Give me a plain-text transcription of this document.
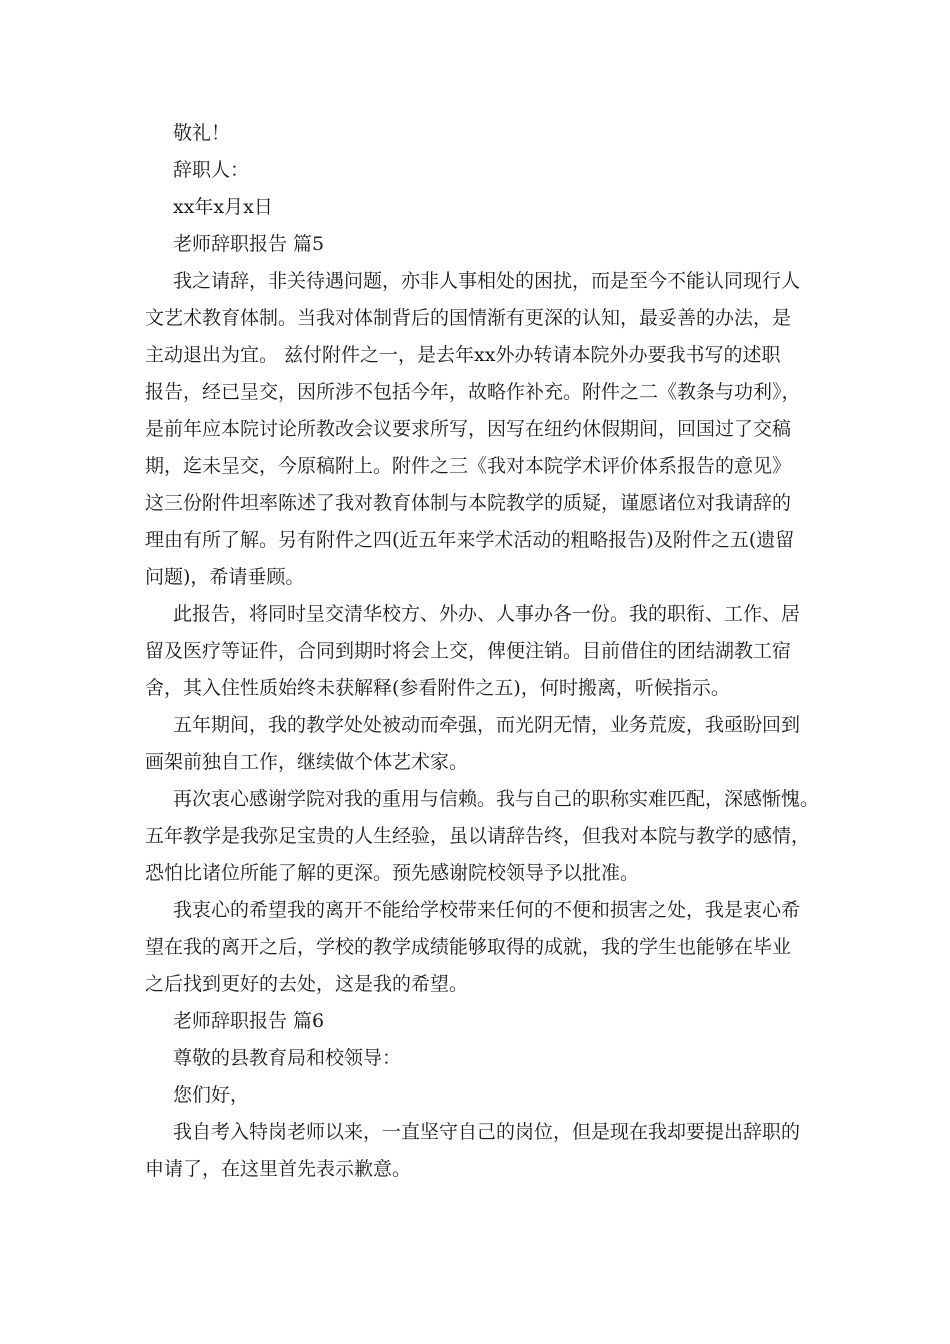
敬礼！
辞职人：
xx年x月x日
老师辞职报告 篇5
我之请辞，非关待遇问题，亦非人事相处的困扰，而是至今不能认同现行人
文艺术教育体制。当我对体制背后的国情渐有更深的认知，最妥善的办法，是
主动退出为宜。 兹付附件之一，是去年xx外办转请本院外办要我书写的述职
报告，经已呈交，因所涉不包括今年，故略作补充。附件之二《教条与功利》，
是前年应本院讨论所教改会议要求所写，因写在纽约休假期间，回国过了交稿
期，迄未呈交，今原稿附上。附件之三《我对本院学术评价体系报告的意见》
这三份附件坦率陈述了我对教育体制与本院教学的质疑，谨愿诸位对我请辞的
理由有所了解。另有附件之四(近五年来学术活动的粗略报告)及附件之五(遗留
问题)，希请垂顾。
此报告，将同时呈交清华校方、外办、人事办各一份。我的职衔、工作、居
留及医疗等证件，合同到期时将会上交，俾便注销。目前借住的团结湖教工宿
舍，其入住性质始终未获解释(参看附件之五)，何时搬离，听候指示。
五年期间，我的教学处处被动而牵强，而光阴无情，业务荒废，我亟盼回到
画架前独自工作，继续做个体艺术家。
再次衷心感谢学院对我的重用与信赖。我与自己的职称实难匹配，深感惭愧。
五年教学是我弥足宝贵的人生经验，虽以请辞告终，但我对本院与教学的感情，
恐怕比诸位所能了解的更深。预先感谢院校领导予以批准。
我衷心的希望我的离开不能给学校带来任何的不便和损害之处，我是衷心希
望在我的离开之后，学校的教学成绩能够取得的成就，我的学生也能够在毕业
之后找到更好的去处，这是我的希望。
老师辞职报告 篇6
尊敬的县教育局和校领导：
您们好，
我自考入特岗老师以来，一直坚守自己的岗位，但是现在我却要提出辞职的
申请了，在这里首先表示歉意。
